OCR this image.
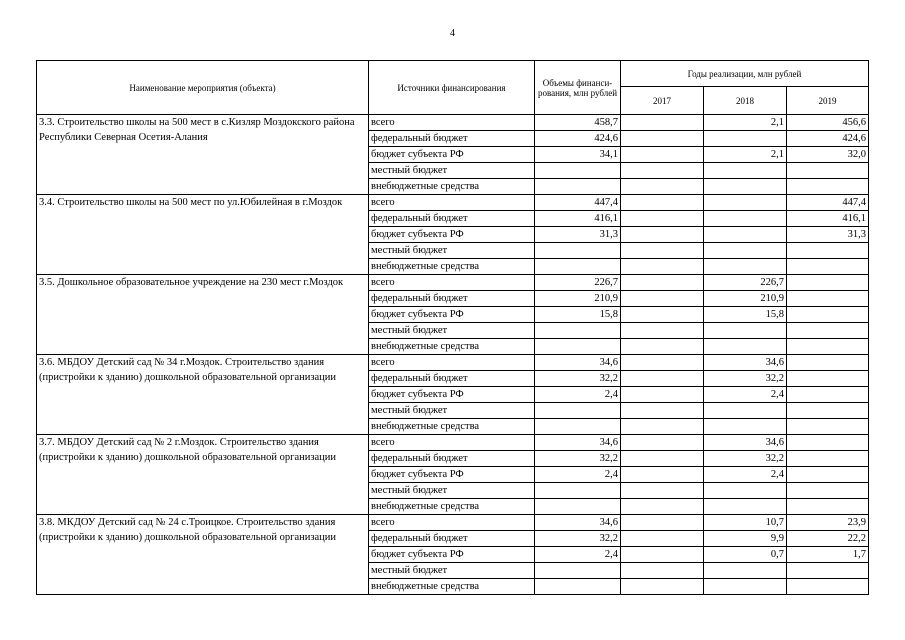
4
Наименование мероприятия (объекта)	Источники финансирования	Объемы финанси- рования, млн рублей	Годы реализации, млн рублей		
			2017	2018	2019
3.3. Строительство школы на 500 мест в с.Кизляр Моздокского района Республики Северная Осетия-Алания	всего	458,7		2,1	456,6
	федеральный бюджет	424,6			424,6
	бюджет субъекта РФ	34,1		2,1	32,0
	местный бюджет				
	внебюджетные средства				
3.4. Строительство школы на 500 мест по ул.Юбилейная в г.Моздок	всего	447,4			447,4
	федеральный бюджет	416,1			416,1
	бюджет субъекта РФ	31,3			31,3
	местный бюджет				
	внебюджетные средства				
3.5. Дошкольное образовательное учреждение на 230 мест г.Моздок	всего	226,7		226,7	
	федеральный бюджет	210,9		210,9	
	бюджет субъекта РФ	15,8		15,8	
	местный бюджет				
	внебюджетные средства				
3.6. МБДОУ Детский сад № 34 г.Моздок. Строительство здания (пристройки к зданию) дошкольной образовательной организации	всего	34,6		34,6	
	федеральный бюджет	32,2		32,2	
	бюджет субъекта РФ	2,4		2,4	
	местный бюджет				
	внебюджетные средства				
3.7. МБДОУ Детский сад № 2 г.Моздок. Строительство здания (пристройки к зданию) дошкольной образовательной организации	всего	34,6		34,6	
	федеральный бюджет	32,2		32,2	
	бюджет субъекта РФ	2,4		2,4	
	местный бюджет				
	внебюджетные средства				
3.8. МКДОУ Детский сад № 24 с.Троицкое. Строительство здания (пристройки к зданию) дошкольной образовательной организации	всего	34,6		10,7	23,9
	федеральный бюджет	32,2		9,9	22,2
	бюджет субъекта РФ	2,4		0,7	1,7
	местный бюджет				
	внебюджетные средства				
